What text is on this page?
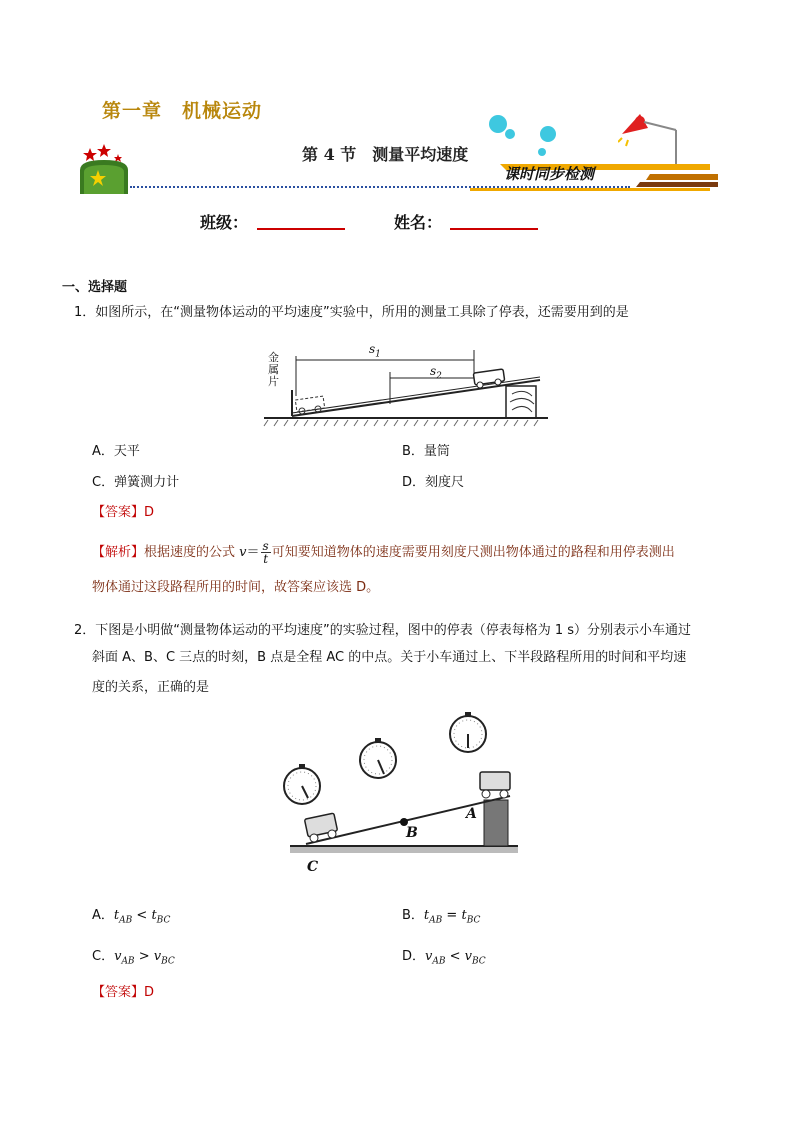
第一章　机械运动
第 4 节　测量平均速度
课时同步检测
班级：	姓名：
一、选择题
1．如图所示，在“测量物体运动的平均速度”实验中，所用的测量工具除了停表，还需要用到的是
金属片
$s_1$
$s_2$
A．天平	B．量筒
C．弹簧测力计	D．刻度尺
【答案】D
【解析】根据速度的公式 $v= \frac{s}{t}$ 可知要知道物体的速度需要用刻度尺测出物体通过的路程和用停表测出
物体通过这段路程所用的时间，故答案应该选 D。
2．下图是小明做“测量物体运动的平均速度”的实验过程，图中的停表（停表每格为 1 s）分别表示小车通过
斜面 A、B、C 三点的时刻，B 点是全程 AC 的中点。关于小车通过上、下半段路程所用的时间和平均速
度的关系，正确的是
A
B
C
A．$t_{AB} < t_{BC}$	B．$t_{AB} = t_{BC}$
C．$v_{AB} > v_{BC}$	D．$v_{AB} < v_{BC}$
【答案】D
